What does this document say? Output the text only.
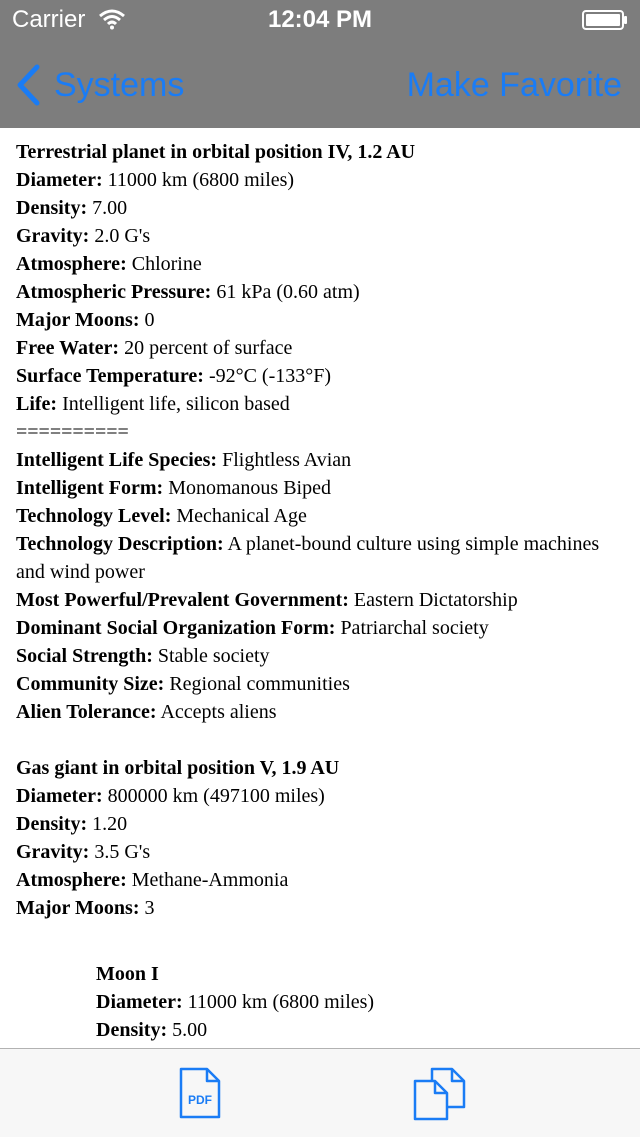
Terrestrial planet in orbital position IV, 1.2 AU

Diameter: 11000 km (6800 miles)

Density: 7.00

Gravity: 2.0 G's

Atmosphere: Chlorine

Atmospheric Pressure: 61 kPa (0.60 atm)

Major Moons: 0

Free Water: 20 percent of surface

Surface Temperature: -92°C (-133°F)

Life: Intelligent life, silicon based

==========

Intelligent Life Species: Flightless Avian

Intelligent Form: Monomanous Biped

Technology Level: Mechanical Age

Technology Description: A planet-bound culture using simple machines and wind power

Most Powerful/Prevalent Government: Eastern Dictatorship

Dominant Social Organization Form: Patriarchal society

Social Strength: Stable society

Community Size: Regional communities

Alien Tolerance: Accepts aliens

Gas giant in orbital position V, 1.9 AU

Diameter: 800000 km (497100 miles)

Density: 1.20

Gravity: 3.5 G's

Atmosphere: Methane-Ammonia

Major Moons: 3

Moon I

Diameter: 11000 km (6800 miles)

Density: 5.00

Carrier	12:04 PM
Systems	Make Favorite
PDF
